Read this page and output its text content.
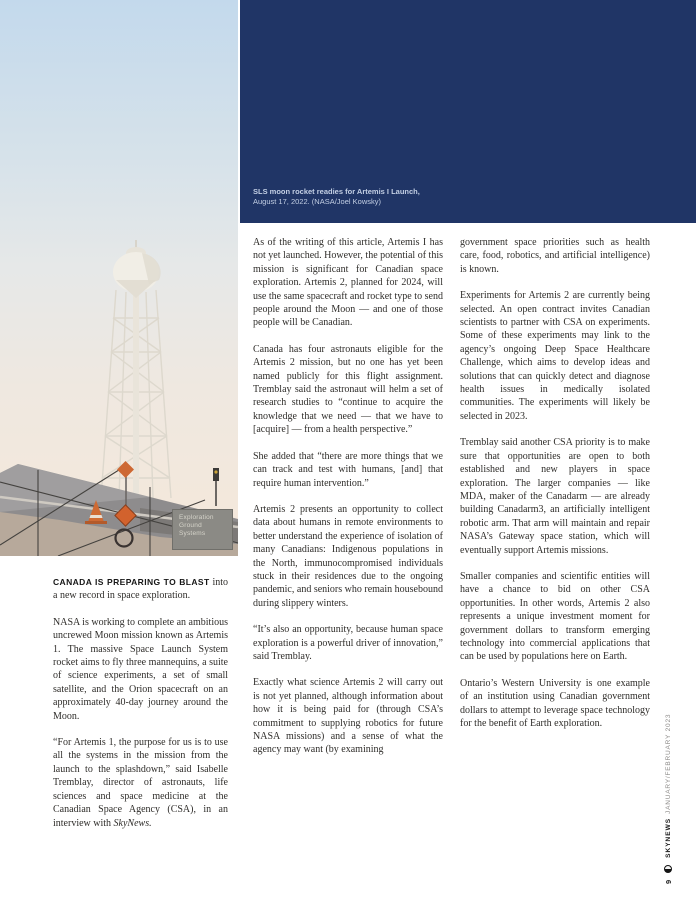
Exploration
Ground
Systems
SLS moon rocket readies for Artemis I Launch,
August 17, 2022. (NASA/Joel Kowsky)

CANADA IS PREPARING TO BLAST into a new record in space exploration.

NASA is working to complete an ambitious uncrewed Moon mission known as Artemis 1. The massive Space Launch System rocket aims to fly three mannequins, a suite of science experiments, a set of small satellite, and the Orion spacecraft on an approximately 40-day journey around the Moon.

“For Artemis 1, the purpose for us is to use all the systems in the mission from the launch to the splashdown,” said Isabelle Tremblay, director of astronauts, life sciences and space medicine at the Canadian Space Agency (CSA), in an interview with SkyNews.

As of the writing of this article, Artemis I has not yet launched. However, the potential of this mission is significant for Canadian space exploration. Artemis 2, planned for 2024, will use the same spacecraft and rocket type to send people around the Moon — and one of those people will be Canadian.

Canada has four astronauts eligible for the Artemis 2 mission, but no one has yet been named publicly for this flight assignment. Tremblay said the astronaut will helm a set of research studies to “continue to acquire the knowledge that we need — that we have to [acquire] — from a health perspective.”

She added that “there are more things that we can track and test with humans, [and] that require human intervention.”

Artemis 2 presents an opportunity to collect data about humans in remote environments to better understand the experience of isolation of many Canadians: Indigenous populations in the North, immunocompromised individuals stuck in their residences due to the ongoing pandemic, and seniors who remain housebound during slippery winters.

“It’s also an opportunity, because human space exploration is a powerful driver of innovation,” said Tremblay.

Exactly what science Artemis 2 will carry out is not yet planned, although information about how it is being paid for (through CSA’s commitment to supplying robotics for future NASA missions) and a sense of what the agency may want (by examining

government space priorities such as health care, food, robotics, and artificial intelligence) is known.

Experiments for Artemis 2 are currently being selected. An open contract invites Canadian scientists to partner with CSA on experiments. Some of these experiments may link to the agency’s ongoing Deep Space Healthcare Challenge, which aims to develop ideas and solutions that can quickly detect and diagnose health issues in medically isolated communities. The experiments will likely be selected in 2023.

Tremblay said another CSA priority is to make sure that opportunities are open to both established and new players in space exploration. The larger companies — like MDA, maker of the Canadarm — are already building Canadarm3, an artificially intelligent robotic arm. That arm will maintain and repair NASA’s Gateway space station, which will eventually support Artemis missions.

Smaller companies and scientific entities will have a chance to bid on other CSA opportunities. In other words, Artemis 2 also represents a unique investment moment for government dollars to transform emerging technology into commercial applications that can be used by populations here on Earth.

Ontario’s Western University is one example of an institution using Canadian government dollars to attempt to leverage space technology for the benefit of Earth exploration.

9
SKYNEWS
JANUARY/FEBRUARY 2023
